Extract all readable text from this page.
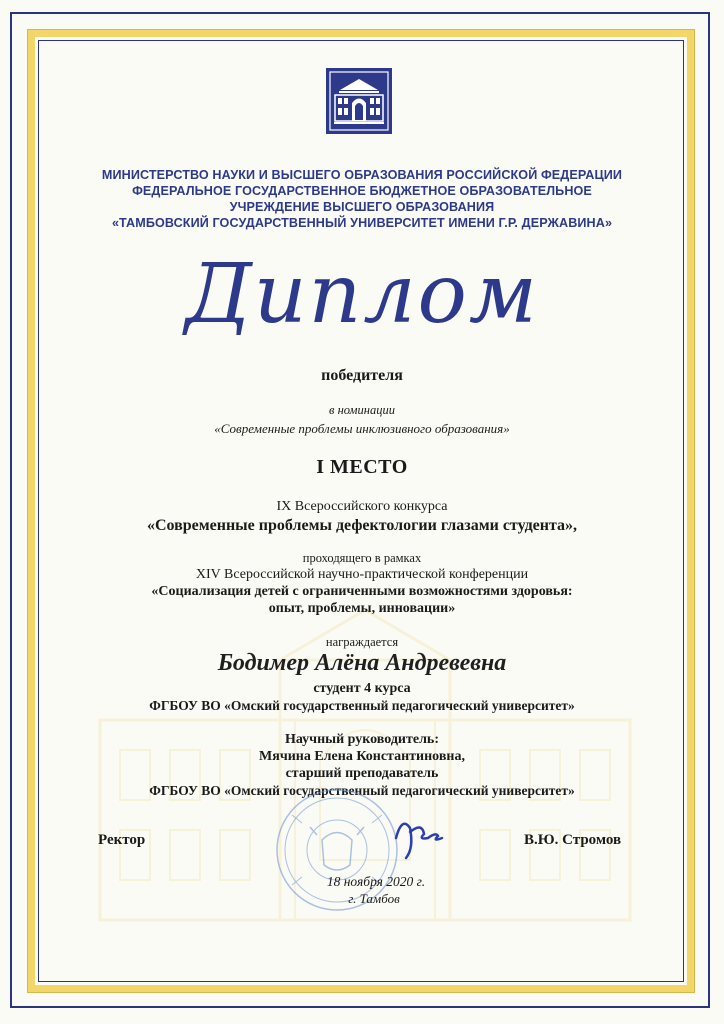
МИНИСТЕРСТВО НАУКИ И ВЫСШЕГО ОБРАЗОВАНИЯ РОССИЙСКОЙ ФЕДЕРАЦИИ
ФЕДЕРАЛЬНОЕ ГОСУДАРСТВЕННОЕ БЮДЖЕТНОЕ ОБРАЗОВАТЕЛЬНОЕ
УЧРЕЖДЕНИЕ ВЫСШЕГО ОБРАЗОВАНИЯ
«ТАМБОВСКИЙ ГОСУДАРСТВЕННЫЙ УНИВЕРСИТЕТ ИМЕНИ Г.Р. ДЕРЖАВИНА»
Диплом
победителя
в номинации
«Современные проблемы инклюзивного образования»
I МЕСТО
IX Всероссийского конкурса
«Современные проблемы дефектологии глазами студента»,
проходящего в рамках
XIV Всероссийской научно-практической конференции
«Социализация детей с ограниченными возможностями здоровья:
опыт, проблемы, инновации»
награждается
Бодимер Алёна Андревевна
студент 4 курса
ФГБОУ ВО «Омский государственный педагогический университет»
Научный руководитель:
Мячина Елена Константиновна,
старший преподаватель
ФГБОУ ВО «Омский государственный педагогический университет»
Ректор	В.Ю. Стромов
18 ноября 2020 г.
г. Тамбов
